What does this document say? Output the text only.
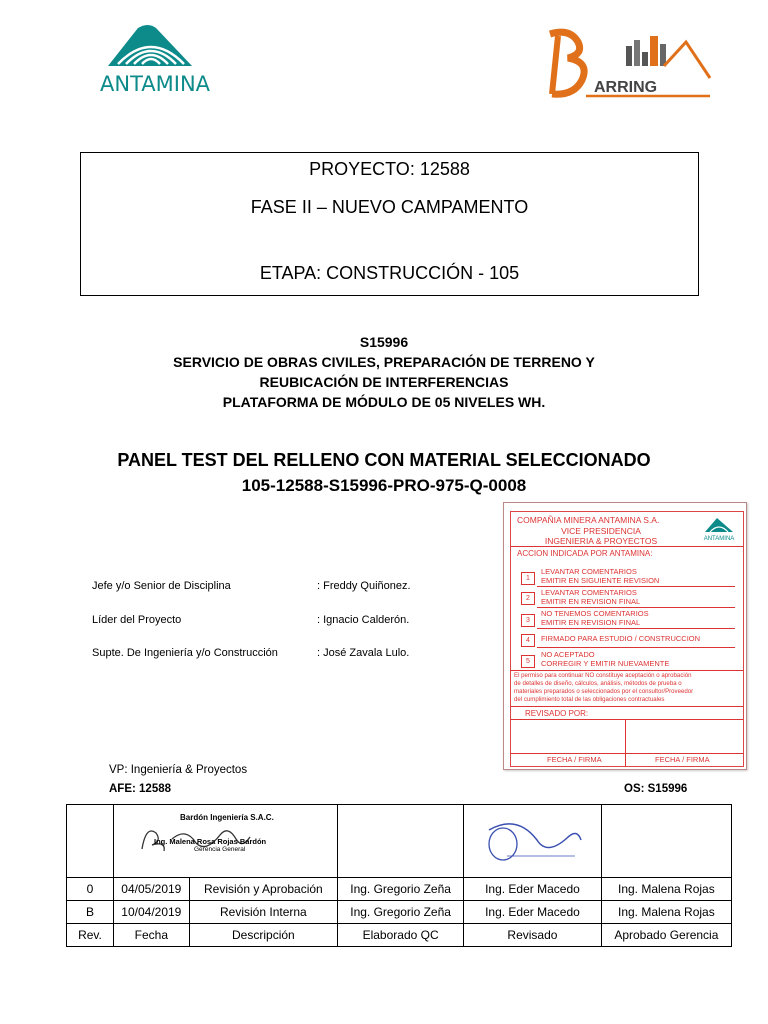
ANTAMINA	ARRING
PROYECTO: 12588
FASE II – NUEVO CAMPAMENTO
ETAPA: CONSTRUCCIÓN - 105
S15996
SERVICIO DE OBRAS CIVILES, PREPARACIÓN DE TERRENO Y
REUBICACIÓN DE INTERFERENCIAS
PLATAFORMA DE MÓDULO DE 05 NIVELES WH.
PANEL TEST DEL RELLENO CON MATERIAL SELECCIONADO
105-12588-S15996-PRO-975-Q-0008
COMPAÑIA MINERA ANTAMINA S.A.
VICE PRESIDENCIA
INGENIERIA & PROYECTOS	ANTAMINA
ACCION INDICADA POR ANTAMINA:
1
LEVANTAR COMENTARIOS
EMITIR EN SIGUIENTE REVISION
2
LEVANTAR COMENTARIOS
EMITIR EN REVISION FINAL
3
NO TENEMOS COMENTARIOS
EMITIR EN REVISION FINAL
4	FIRMADO PARA ESTUDIO / CONSTRUCCION
5
NO ACEPTADO
CORREGIR Y EMITIR NUEVAMENTE
El permiso para continuar NO constituye aceptación o aprobación
de detalles de diseño, cálculos, análisis, métodos de prueba o
materiales preparados o seleccionados por el consultor/Proveedor
del cumplimiento total de las obligaciones contractuales
REVISADO POR:
FECHA / FIRMA	FECHA / FIRMA
Jefe y/o Senior de Disciplina	: Freddy Quiñonez.
Líder del Proyecto	: Ignacio Calderón.
Supte. De Ingeniería y/o Construcción	: José Zavala Lulo.
VP: Ingeniería & Proyectos
AFE: 12588	OS: S15996

	Bardón Ingeniería S.A.C.
Ing. Malena Rosa Rojas Bardón
Gerencia General

0	04/05/2019	Revisión y Aprobación	Ing. Gregorio Zeña	Ing. Eder Macedo	Ing. Malena Rojas
B	10/04/2019	Revisión Interna	Ing. Gregorio Zeña	Ing. Eder Macedo	Ing. Malena Rojas
Rev.	Fecha	Descripción	Elaborado QC	Revisado	Aprobado Gerencia
